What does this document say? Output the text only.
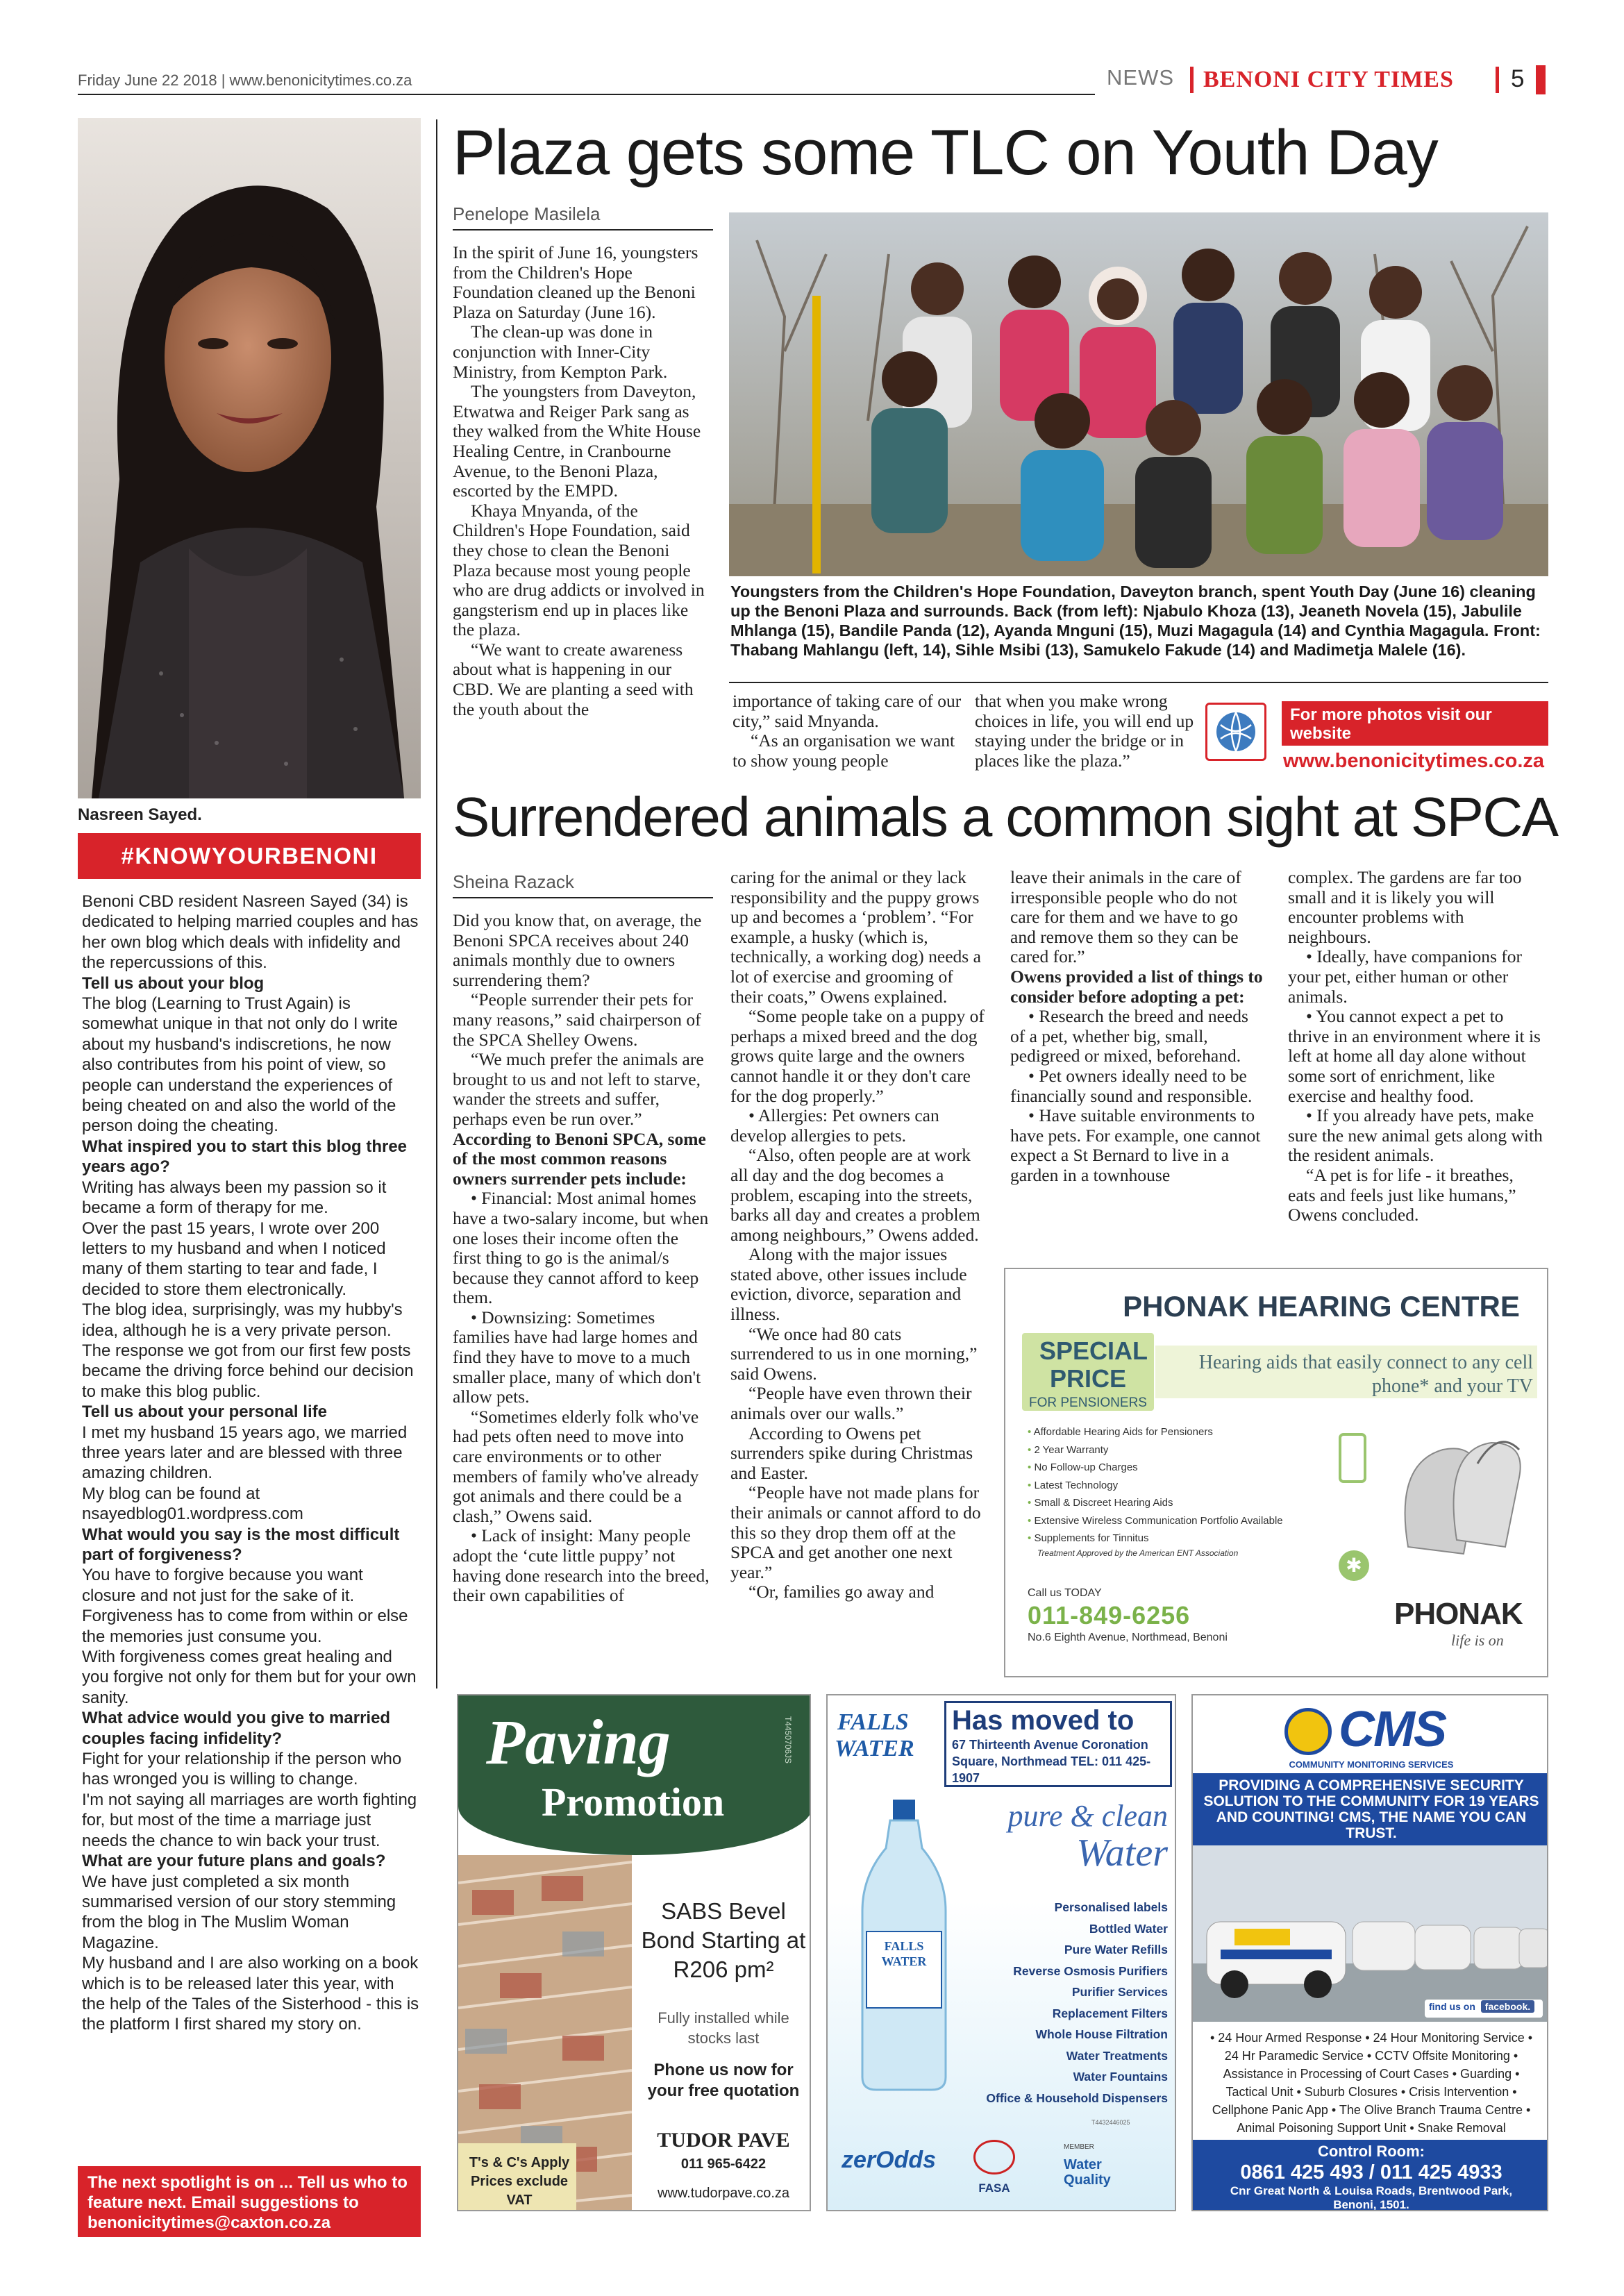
Friday June 22 2018 | www.benonicitytimes.co.za	NEWS BENONI CITY TIMES 5
Nasreen Sayed.
#KNOWYOURBENONI
Benoni CBD resident Nasreen Sayed (34) is dedicated to helping married couples and has her own blog which deals with infidelity and the repercussions of this.
Tell us about your blog
The blog (Learning to Trust Again) is somewhat unique in that not only do I write about my husband's indiscretions, he now also contributes from his point of view, so people can understand the experiences of being cheated on and also the world of the person doing the cheating.
What inspired you to start this blog three years ago?
Writing has always been my passion so it became a form of therapy for me.
Over the past 15 years, I wrote over 200 letters to my husband and when I noticed many of them starting to tear and fade, I decided to store them electronically.
The blog idea, surprisingly, was my hubby's idea, although he is a very private person.
The response we got from our first few posts became the driving force behind our decision to make this blog public.
Tell us about your personal life
I met my husband 15 years ago, we married three years later and are blessed with three amazing children.
My blog can be found at nsayedblog01.wordpress.com
What would you say is the most difficult part of forgiveness?
You have to forgive because you want closure and not just for the sake of it.
Forgiveness has to come from within or else the memories just consume you.
With forgiveness comes great healing and you forgive not only for them but for your own sanity.
What advice would you give to married couples facing infidelity?
Fight for your relationship if the person who has wronged you is willing to change.
I'm not saying all marriages are worth fighting for, but most of the time a marriage just needs the chance to win back your trust.
What are your future plans and goals?
We have just completed a six month summarised version of our story stemming from the blog in The Muslim Woman Magazine.
My husband and I are also working on a book which is to be released later this year, with the help of the Tales of the Sisterhood - this is the platform I first shared my story on.
The next spotlight is on ... Tell us who to feature next. Email suggestions to benonicitytimes@caxton.co.za
Plaza gets some TLC on Youth Day
Penelope Masilela

In the spirit of June 16, youngsters from the Children's Hope Foundation cleaned up the Benoni Plaza on Saturday (June 16).

The clean-up was done in conjunction with Inner-City Ministry, from Kempton Park.

The youngsters from Daveyton, Etwatwa and Reiger Park sang as they walked from the White House Healing Centre, in Cranbourne Avenue, to the Benoni Plaza, escorted by the EMPD.

Khaya Mnyanda, of the Children's Hope Foundation, said they chose to clean the Benoni Plaza because most young people who are drug addicts or involved in gangsterism end up in places like the plaza.

“We want to create awareness about what is happening in our CBD. We are planting a seed with the youth about the

Youngsters from the Children's Hope Foundation, Daveyton branch, spent Youth Day (June 16) cleaning up the Benoni Plaza and surrounds. Back (from left): Njabulo Khoza (13), Jeaneth Novela (15), Jabulile Mhlanga (15), Bandile Panda (12), Ayanda Mnguni (15), Muzi Magagula (14) and Cynthia Magagula. Front: Thabang Mahlangu (left, 14), Sihle Msibi (13), Samukelo Fakude (14) and Madimetja Malele (16).

importance of taking care of our city,” said Mnyanda.

“As an organisation we want to show young people

that when you make wrong choices in life, you will end up staying under the bridge or in places like the plaza.”

For more photos visit our website
www.benonicitytimes.co.za
Surrendered animals a common sight at SPCA
Sheina Razack

Did you know that, on average, the Benoni SPCA receives about 240 animals monthly due to owners surrendering them?

“People surrender their pets for many reasons,” said chairperson of the SPCA Shelley Owens.

“We much prefer the animals are brought to us and not left to starve, wander the streets and suffer, perhaps even be run over.”

According to Benoni SPCA, some of the most common reasons owners surrender pets include:

• Financial: Most animal homes have a two-salary income, but when one loses their income often the first thing to go is the animal/s because they cannot afford to keep them.

• Downsizing: Sometimes families have had large homes and find they have to move to a much smaller place, many of which don't allow pets.

“Sometimes elderly folk who've had pets often need to move into care environments or to other members of family who've already got animals and there could be a clash,” Owens said.

• Lack of insight: Many people adopt the ‘cute little puppy’ not having done research into the breed, their own capabilities of

caring for the animal or they lack responsibility and the puppy grows up and becomes a ‘problem’. “For example, a husky (which is, technically, a working dog) needs a lot of exercise and grooming of their coats,” Owens explained.

“Some people take on a puppy of perhaps a mixed breed and the dog grows quite large and the owners cannot handle it or they don't care for the dog properly.”

• Allergies: Pet owners can develop allergies to pets.

“Also, often people are at work all day and the dog becomes a problem, escaping into the streets, barks all day and creates a problem among neighbours,” Owens added.

Along with the major issues stated above, other issues include eviction, divorce, separation and illness.

“We once had 80 cats surrendered to us in one morning,” said Owens.

“People have even thrown their animals over our walls.”

According to Owens pet surrenders spike during Christmas and Easter.

“People have not made plans for their animals or cannot afford to do this so they drop them off at the SPCA and get another one next year.”

“Or, families go away and

leave their animals in the care of irresponsible people who do not care for them and we have to go and remove them so they can be cared for.”

Owens provided a list of things to consider before adopting a pet:

• Research the breed and needs of a pet, whether big, small, pedigreed or mixed, beforehand.

• Pet owners ideally need to be financially sound and responsible.

• Have suitable environments to have pets. For example, one cannot expect a St Bernard to live in a garden in a townhouse

complex. The gardens are far too small and it is likely you will encounter problems with neighbours.

• Ideally, have companions for your pet, either human or other animals.

• You cannot expect a pet to thrive in an environment where it is left at home all day alone without some sort of enrichment, like exercise and healthy food.

• If you already have pets, make sure the new animal gets along with the resident animals.

“A pet is for life - it breathes, eats and feels just like humans,” Owens concluded.

PHONAK HEARING CENTRE
SPECIAL PRICE
FOR PENSIONERS
Hearing aids that easily connect to any cell phone* and your TV
• Affordable Hearing Aids for Pensioners
• 2 Year Warranty
• No Follow-up Charges
• Latest Technology
• Small & Discreet Hearing Aids
• Extensive Wireless Communication Portfolio Available
• Supplements for Tinnitus
Treatment Approved by the American ENT Association
✱
Call us TODAY
011-849-6256
No.6 Eighth Avenue, Northmead, Benoni
PHONAK
life is on
Paving
Promotion
T4450706JS
SABS Bevel Bond Starting at R206 pm²
Fully installed while stocks last
Phone us now for your free quotation
TUDOR PAVE
011 965-6422
www.tudorpave.co.za
T's & C's Apply Prices exclude VAT
FALLS
WATER
Has moved to
67 Thirteenth Avenue Coronation Square, Northmead TEL: 011 425-1907
FALLS
WATER
pure & clean
Water
Personalised labels
Bottled Water
Pure Water Refills
Reverse Osmosis Purifiers
Purifier Services
Replacement Filters
Whole House Filtration
Water Treatments
Water Fountains
Office & Household Dispensers
T4432446025
zerOdds
FASA
MEMBER
Water Quality
CMS
COMMUNITY MONITORING SERVICES
PROVIDING A COMPREHENSIVE SECURITY SOLUTION TO THE COMMUNITY FOR 19 YEARS AND COUNTING! CMS, THE NAME YOU CAN TRUST.
find us on facebook.
• 24 Hour Armed Response • 24 Hour Monitoring Service • 24 Hr Paramedic Service • CCTV Offsite Monitoring • Assistance in Processing of Court Cases • Guarding • Tactical Unit • Suburb Closures • Crisis Intervention • Cellphone Panic App • The Olive Branch Trauma Centre • Animal Poisoning Support Unit • Snake Removal
Control Room:
0861 425 493 / 011 425 4933
Cnr Great North & Louisa Roads, Brentwood Park, Benoni, 1501.
